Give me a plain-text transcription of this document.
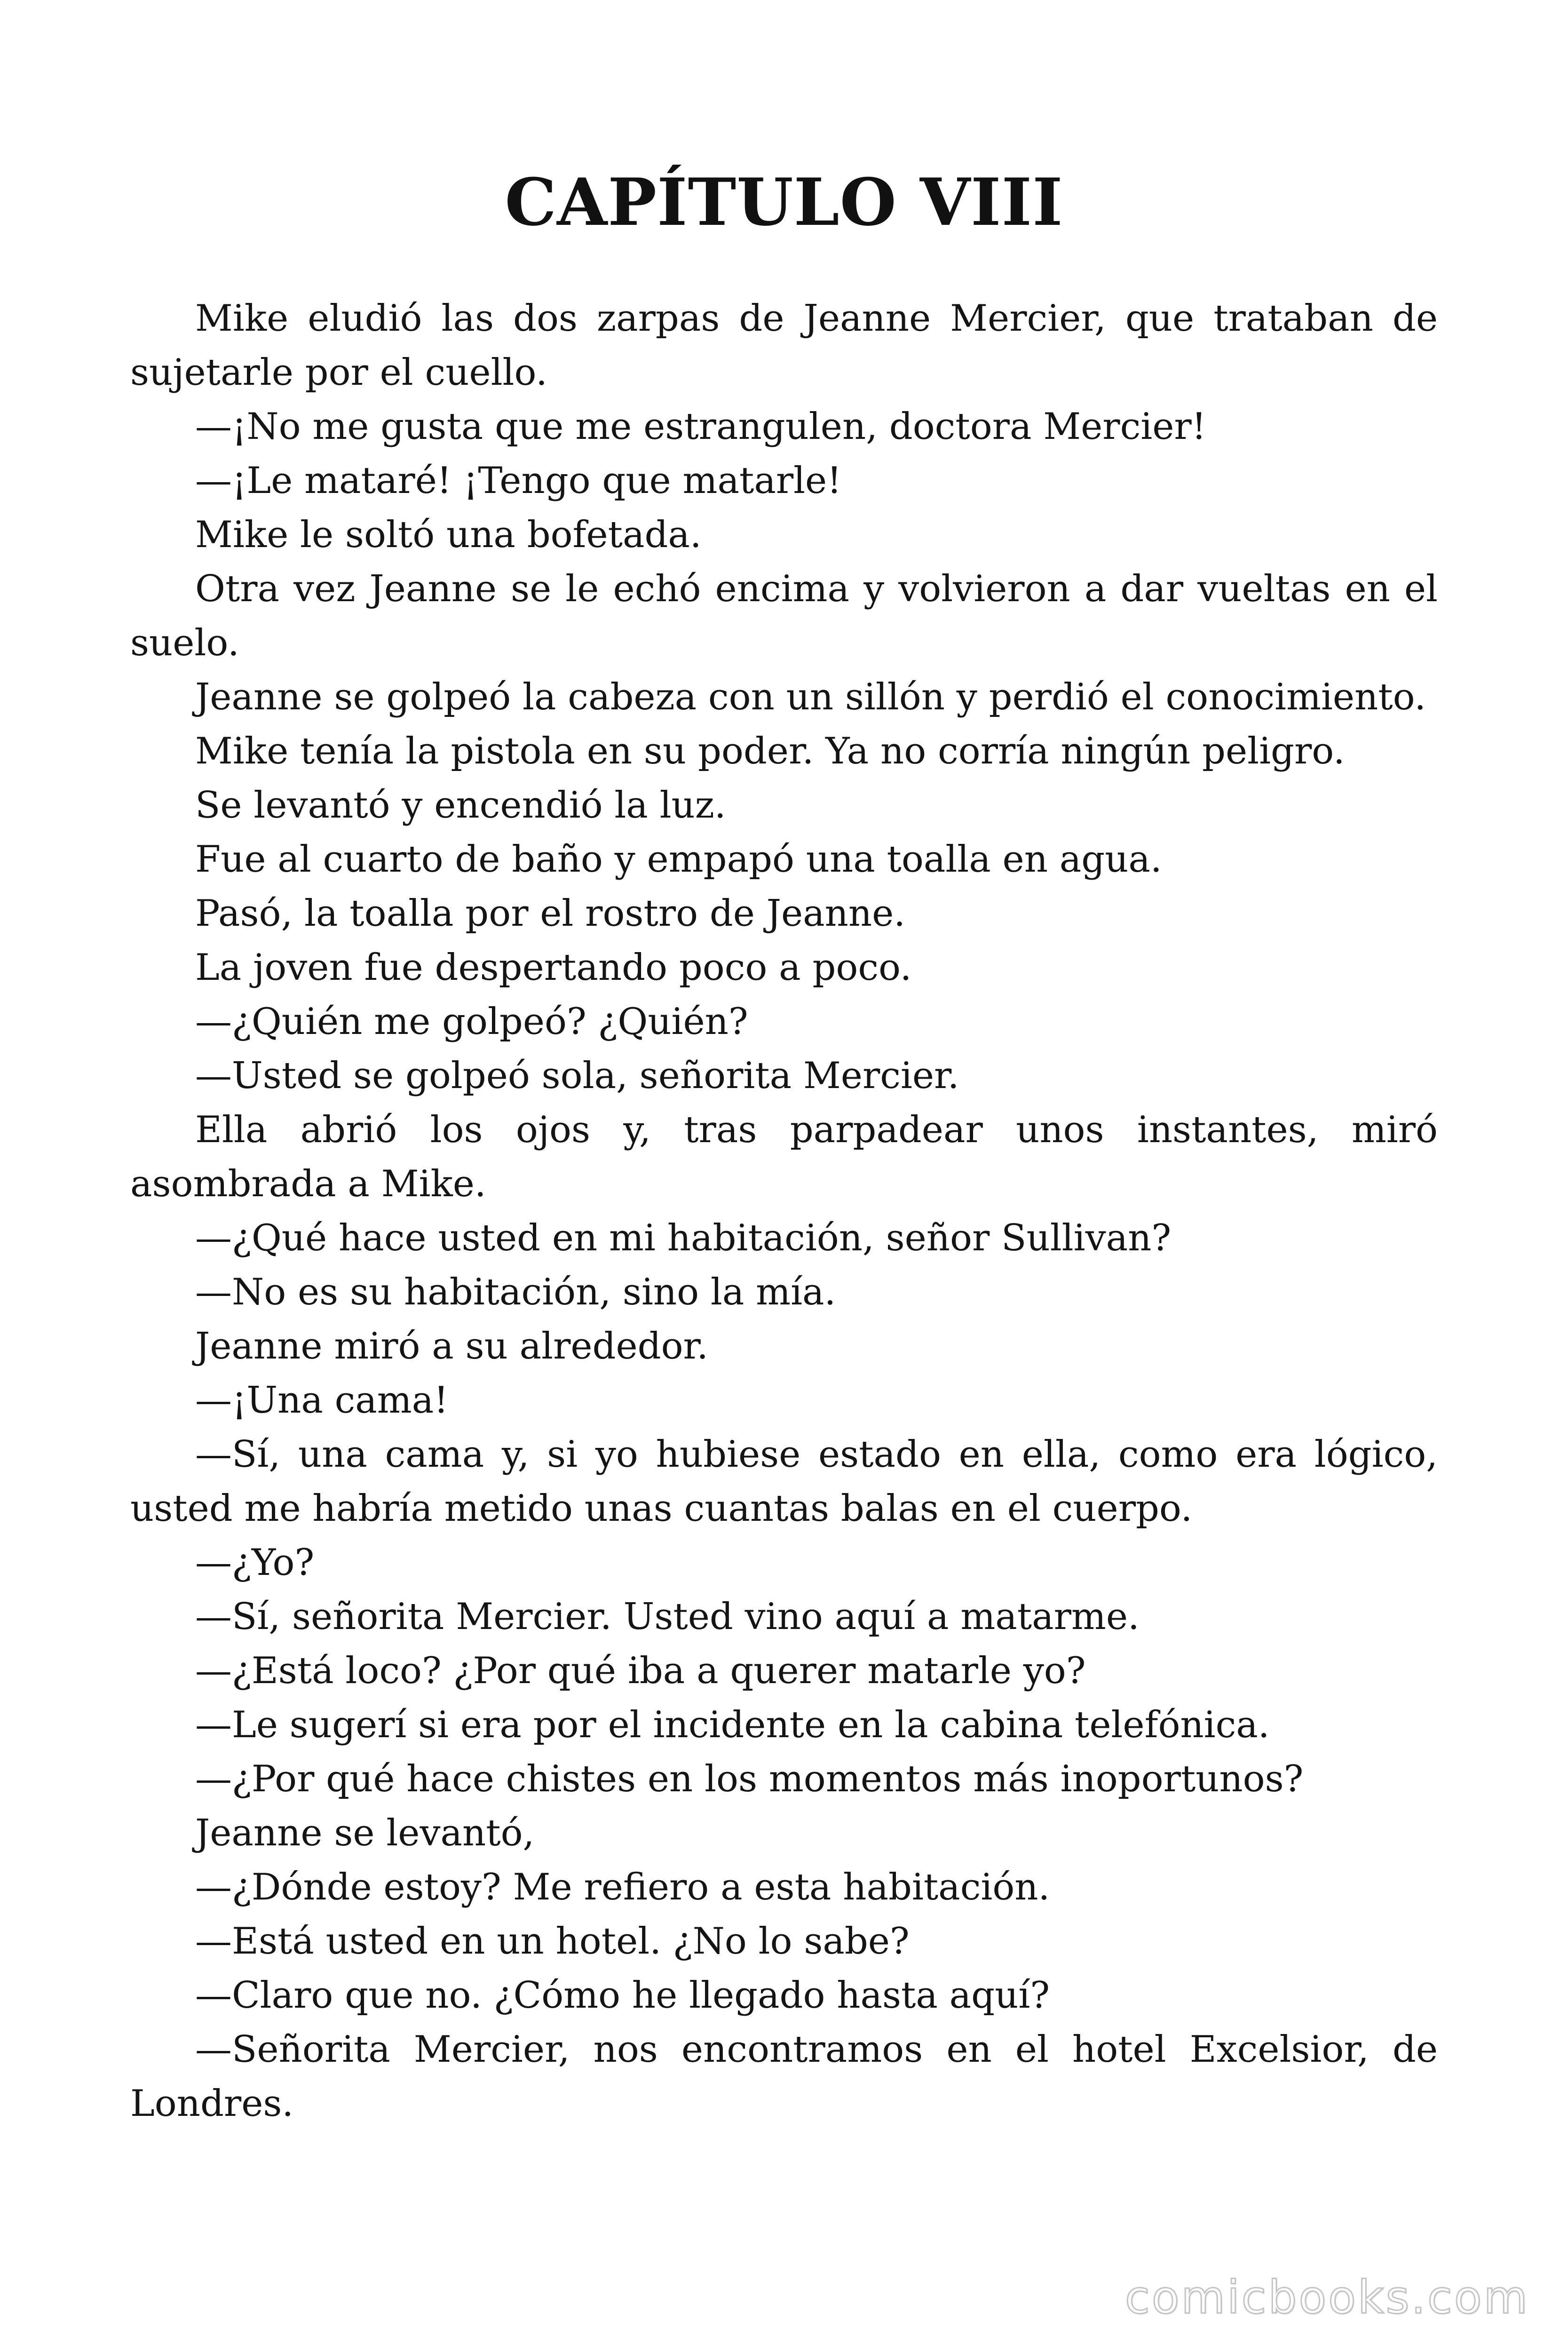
CAPÍTULO VIII

Mike eludió las dos zarpas de Jeanne Mercier, que trataban de sujetarle por el cuello.

—¡No me gusta que me estrangulen, doctora Mercier!

—¡Le mataré! ¡Tengo que matarle!

Mike le soltó una bofetada.

Otra vez Jeanne se le echó encima y volvieron a dar vueltas en el suelo.

Jeanne se golpeó la cabeza con un sillón y perdió el conocimiento.

Mike tenía la pistola en su poder. Ya no corría ningún peligro.

Se levantó y encendió la luz.

Fue al cuarto de baño y empapó una toalla en agua.

Pasó, la toalla por el rostro de Jeanne.

La joven fue despertando poco a poco.

—¿Quién me golpeó? ¿Quién?

—Usted se golpeó sola, señorita Mercier.

Ella abrió los ojos y, tras parpadear unos instantes, miró asombrada a Mike.

—¿Qué hace usted en mi habitación, señor Sullivan?

—No es su habitación, sino la mía.

Jeanne miró a su alrededor.

—¡Una cama!

—Sí, una cama y, si yo hubiese estado en ella, como era lógico, usted me habría metido unas cuantas balas en el cuerpo.

—¿Yo?

—Sí, señorita Mercier. Usted vino aquí a matarme.

—¿Está loco? ¿Por qué iba a querer matarle yo?

—Le sugerí si era por el incidente en la cabina telefónica.

—¿Por qué hace chistes en los momentos más inoportunos?

Jeanne se levantó,

—¿Dónde estoy? Me refiero a esta habitación.

—Está usted en un hotel. ¿No lo sabe?

—Claro que no. ¿Cómo he llegado hasta aquí?

—Señorita Mercier, nos encontramos en el hotel Excelsior, de Londres.

comicbooks.com
